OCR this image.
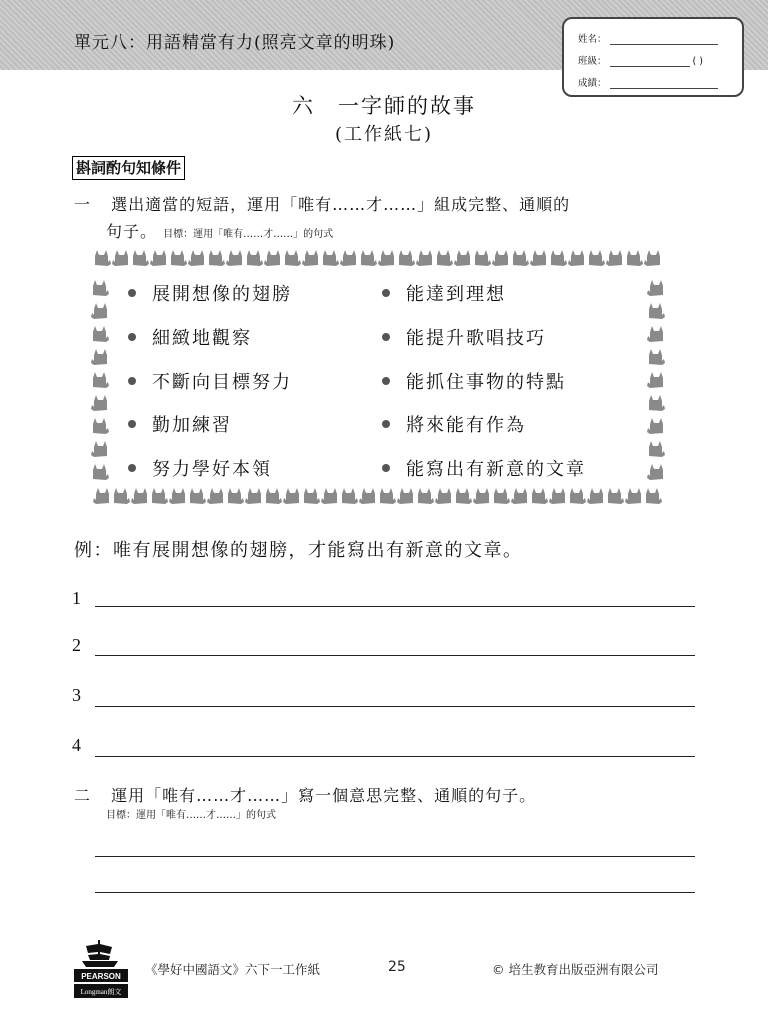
單元八：用語精當有力(照亮文章的明珠)	姓名：
班級：	( )
成績：
六　一字師的故事
(工作紙七)
斟詞酌句知條件
一 選出適當的短語，運用「唯有……才……」組成完整、通順的
句子。 目標：運用「唯有……才……」的句式
展開想像的翅膀
細緻地觀察
不斷向目標努力
勤加練習
努力學好本領
能達到理想
能提升歌唱技巧
能抓住事物的特點
將來能有作為
能寫出有新意的文章
例：唯有展開想像的翅膀，才能寫出有新意的文章。
1
2
3
4
二 運用「唯有……才……」寫一個意思完整、通順的句子。
目標：運用「唯有……才……」的句式
PEARSON
Longman朗文
《學好中國語文》六下一工作紙	25	© 培生教育出版亞洲有限公司
